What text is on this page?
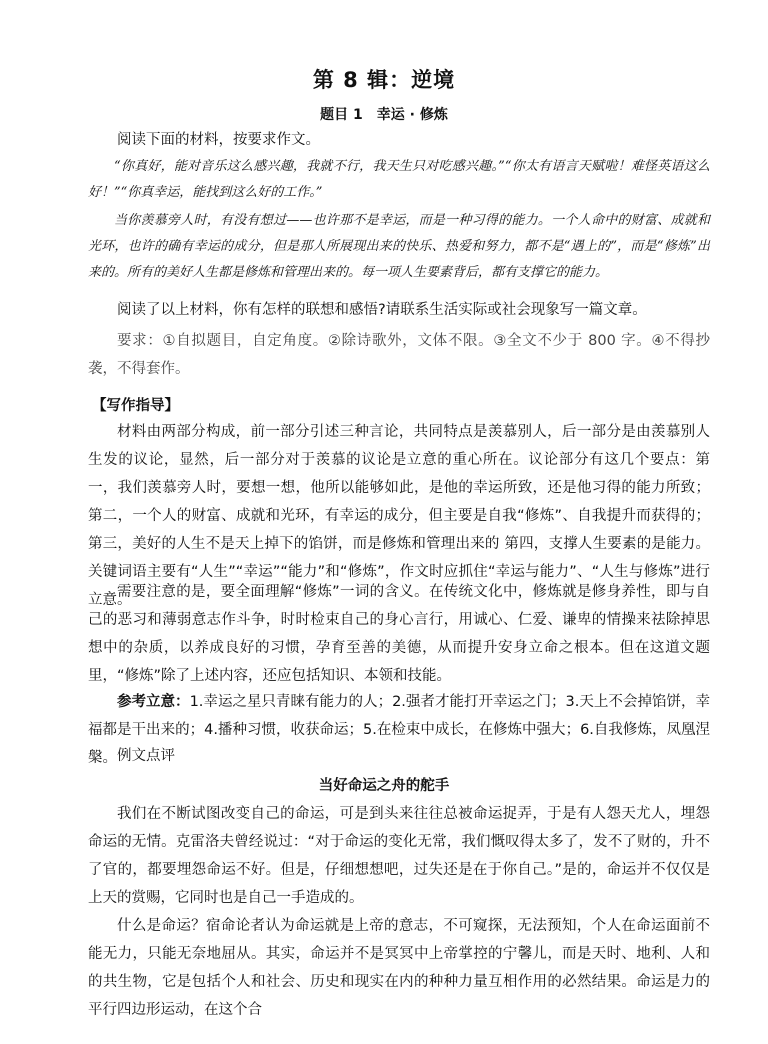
第 8 辑：逆境
题目 1　幸运 · 修炼

阅读下面的材料，按要求作文。

“你真好，能对音乐这么感兴趣，我就不行，我天生只对吃感兴趣。”“你太有语言天赋啦！难怪英语这么好！”“你真幸运，能找到这么好的工作。”

当你羡慕旁人时，有没有想过——也许那不是幸运，而是一种习得的能力。一个人命中的财富、成就和光环，也许的确有幸运的成分，但是那人所展现出来的快乐、热爱和努力，都不是“遇上的”，而是“修炼”出来的。所有的美好人生都是修炼和管理出来的。每一项人生要素背后，都有支撑它的能力。

阅读了以上材料，你有怎样的联想和感悟?请联系生活实际或社会现象写一篇文章。

要求：①自拟题目，自定角度。②除诗歌外，文体不限。③全文不少于 800 字。④不得抄袭，不得套作。

【写作指导】

材料由两部分构成，前一部分引述三种言论，共同特点是羡慕别人，后一部分是由羡慕别人生发的议论，显然，后一部分对于羡慕的议论是立意的重心所在。议论部分有这几个要点：第一，我们羡慕旁人时，要想一想，他所以能够如此，是他的幸运所致，还是他习得的能力所致；第二，一个人的财富、成就和光环，有幸运的成分，但主要是自我“修炼”、自我提升而获得的；第三，美好的人生不是天上掉下的馅饼，而是修炼和管理出来的 第四，支撑人生要素的是能力。关键词语主要有“人生”“幸运”“能力”和“修炼”，作文时应抓住“幸运与能力”、“人生与修炼”进行立意。

需要注意的是，要全面理解“修炼”一词的含义。在传统文化中，修炼就是修身养性，即与自己的恶习和薄弱意志作斗争，时时检束自己的身心言行，用诚心、仁爱、谦卑的情操来祛除掉思想中的杂质，以养成良好的习惯，孕育至善的美德，从而提升安身立命之根本。但在这道文题里，“修炼”除了上述内容，还应包括知识、本领和技能。

参考立意：1.幸运之星只青睐有能力的人；2.强者才能打开幸运之门；3.天上不会掉馅饼，幸福都是干出来的；4.播种习惯，收获命运；5.在检束中成长，在修炼中强大；6.自我修炼，凤凰涅槃。 例文点评

当好命运之舟的舵手

我们在不断试图改变自己的命运，可是到头来往往总被命运捉弄，于是有人怨天尤人，埋怨命运的无情。克雷洛夫曾经说过：“对于命运的变化无常，我们慨叹得太多了，发不了财的，升不了官的，都要埋怨命运不好。但是，仔细想想吧，过失还是在于你自己。”是的，命运并不仅仅是上天的赏赐，它同时也是自己一手造成的。

什么是命运？宿命论者认为命运就是上帝的意志，不可窥探，无法预知，个人在命运面前不能无力，只能无奈地屈从。其实，命运并不是冥冥中上帝掌控的宁馨儿，而是天时、地利、人和的共生物，它是包括个人和社会、历史和现实在内的种种力量互相作用的必然结果。命运是力的平行四边形运动，在这个合
